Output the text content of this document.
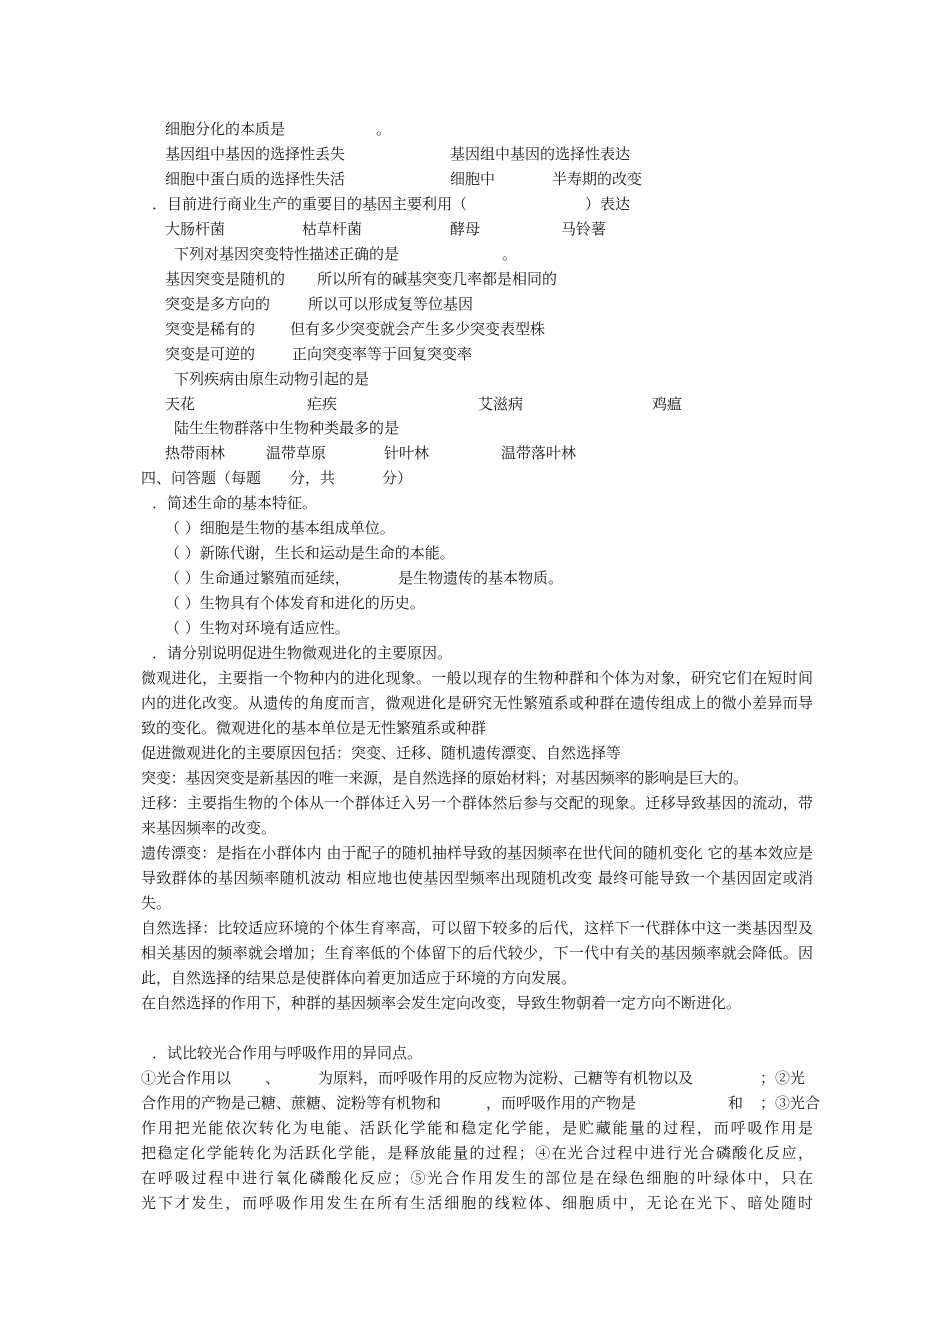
细胞分化的本质是	。
基因组中基因的选择性丢失	基因组中基因的选择性表达
细胞中蛋白质的选择性失活	细胞中	半寿期的改变
．目前进行商业生产的重要目的基因主要利用（	）表达
大肠杆菌	枯草杆菌	酵母	马铃薯
下列对基因突变特性描述正确的是	。
基因突变是随机的 所以所有的碱基突变几率都是相同的
突变是多方向的	所以可以形成复等位基因
突变是稀有的 但有多少突变就会产生多少突变表型株
突变是可逆的 正向突变率等于回复突变率
下列疾病由原生动物引起的是
天花	疟疾	艾滋病	鸡瘟
陆生生物群落中生物种类最多的是
热带雨林	温带草原	针叶林	温带落叶林
四、问答题（每题 分，共	分）
．简述生命的基本特征。
（ ）细胞是生物的基本组成单位。
（ ）新陈代谢，生长和运动是生命的本能。
（ ）生命通过繁殖而延续，	是生物遗传的基本物质。
（ ）生物具有个体发育和进化的历史。
（ ）生物对环境有适应性。
．请分别说明促进生物微观进化的主要原因。
微观进化，主要指一个物种内的进化现象。一般以现存的生物种群和个体为对象，研究它们在短时间内的进化改变。从遗传的角度而言，微观进化是研究无性繁殖系或种群在遗传组成上的微小差异而导致的变化。微观进化的基本单位是无性繁殖系或种群
促进微观进化的主要原因包括：突变、迁移、随机遗传漂变、自然选择等
突变：基因突变是新基因的唯一来源，是自然选择的原始材料；对基因频率的影响是巨大的。
迁移：主要指生物的个体从一个群体迁入另一个群体然后参与交配的现象。迁移导致基因的流动，带来基因频率的改变。
遗传漂变：是指在小群体内 由于配子的随机抽样导致的基因频率在世代间的随机变化 它的基本效应是导致群体的基因频率随机波动 相应地也使基因型频率出现随机改变 最终可能导致一个基因固定或消失。
自然选择：比较适应环境的个体生育率高，可以留下较多的后代，这样下一代群体中这一类基因型及相关基因的频率就会增加；生育率低的个体留下的后代较少，下一代中有关的基因频率就会降低。因此，自然选择的结果总是使群体向着更加适应于环境的方向发展。
在自然选择的作用下，种群的基因频率会发生定向改变，导致生物朝着一定方向不断进化。
．试比较光合作用与呼吸作用的异同点。
①光合作用以 、	为原料，而呼吸作用的反应物为淀粉、己糖等有机物以及	；②光
合作用的产物是己糖、蔗糖、淀粉等有机物和	，而呼吸作用的产物是	和 ；③光合
作用把光能依次转化为电能、活跃化学能和稳定化学能，是贮藏能量的过程，而呼吸作用是
把稳定化学能转化为活跃化学能，是释放能量的过程；④在光合过程中进行光合磷酸化反应，
在呼吸过程中进行氧化磷酸化反应；⑤光合作用发生的部位是在绿色细胞的叶绿体中，只在
光下才发生，而呼吸作用发生在所有生活细胞的线粒体、细胞质中，无论在光下、暗处随时
